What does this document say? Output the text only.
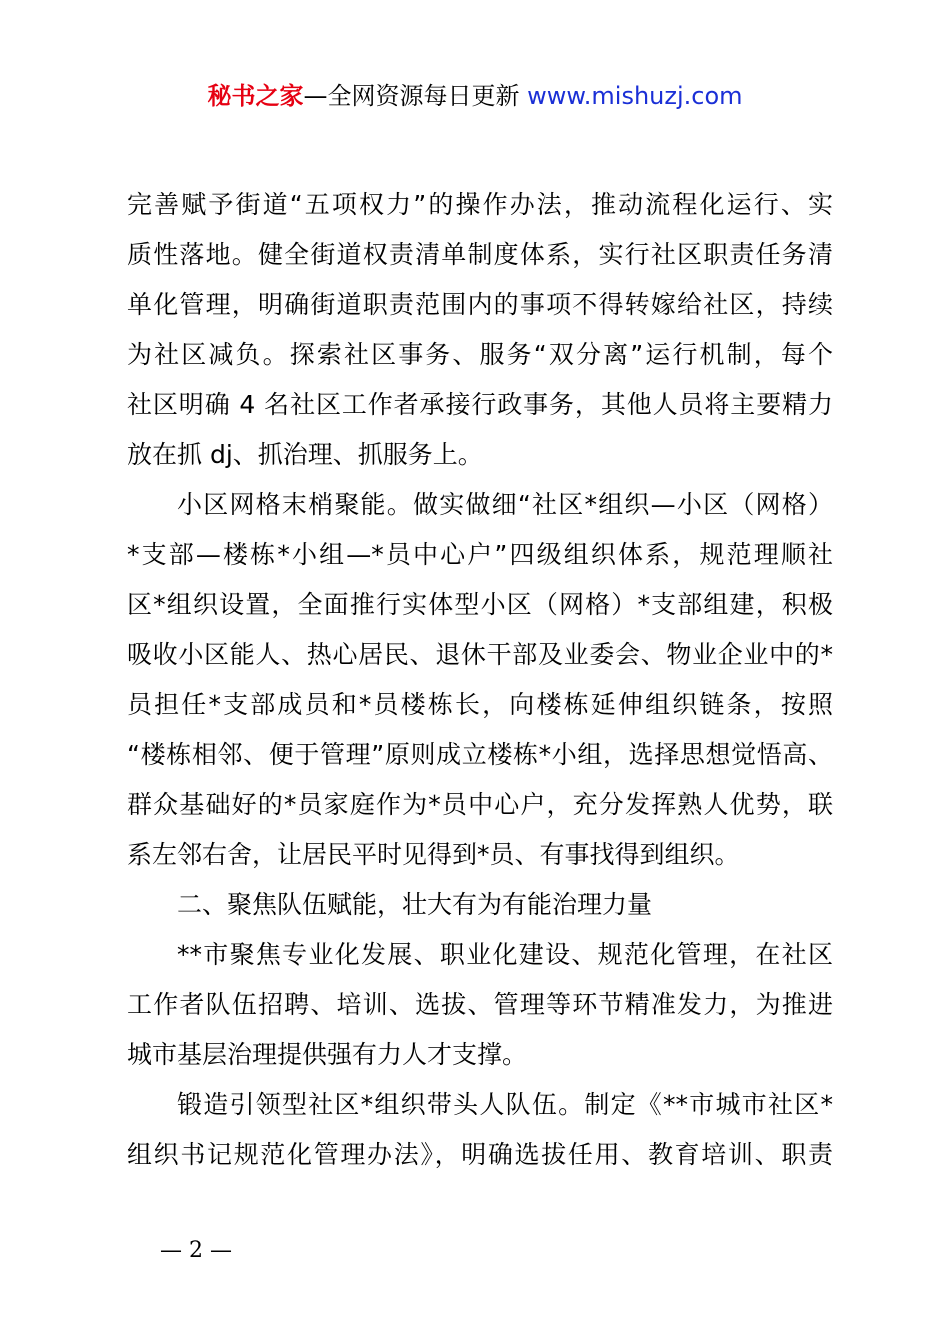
秘书之家—全网资源每日更新 www.mishuzj.com
完善赋予街道“五项权力”的操作办法，推动流程化运行、实
质性落地。健全街道权责清单制度体系，实行社区职责任务清
单化管理，明确街道职责范围内的事项不得转嫁给社区，持续
为社区减负。探索社区事务、服务“双分离”运行机制，每个
社区明确 4 名社区工作者承接行政事务，其他人员将主要精力
放在抓 dj、抓治理、抓服务上。
小区网格末梢聚能。做实做细“社区*组织—小区（网格）
*支部—楼栋*小组—*员中心户”四级组织体系，规范理顺社
区*组织设置，全面推行实体型小区（网格）*支部组建，积极
吸收小区能人、热心居民、退休干部及业委会、物业企业中的*
员担任*支部成员和*员楼栋长，向楼栋延伸组织链条，按照
“楼栋相邻、便于管理”原则成立楼栋*小组，选择思想觉悟高、
群众基础好的*员家庭作为*员中心户，充分发挥熟人优势，联
系左邻右舍，让居民平时见得到*员、有事找得到组织。
二、聚焦队伍赋能，壮大有为有能治理力量
**市聚焦专业化发展、职业化建设、规范化管理，在社区
工作者队伍招聘、培训、选拔、管理等环节精准发力，为推进
城市基层治理提供强有力人才支撑。
锻造引领型社区*组织带头人队伍。制定《**市城市社区*
组织书记规范化管理办法》，明确选拔任用、教育培训、职责
— 2 —
